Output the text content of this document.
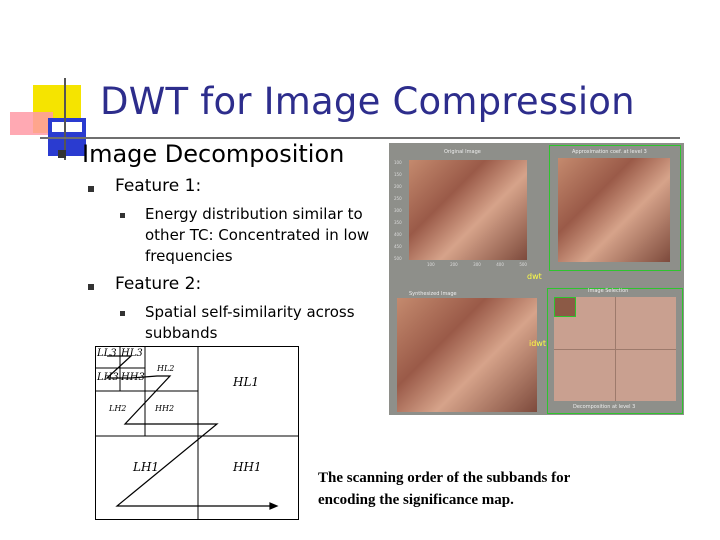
DWT for Image Compression
Image Decomposition
Feature 1:
Energy distribution similar to other TC: Concentrated in low frequencies
Feature 2:
Spatial self-similarity across subbands
Original Image
100
150
200
250
300
350
400
450
500
100	200	300	400	500
Approximation coef. at level 3
dwt
Synthesized Image
idwt
Image Selection
Decomposition at level 3
LL3 HL3
LH3 HH3
HL2
LH2	HH2
HL1
LH1	HH1
The scanning order of the subbands for encoding the significance map.
